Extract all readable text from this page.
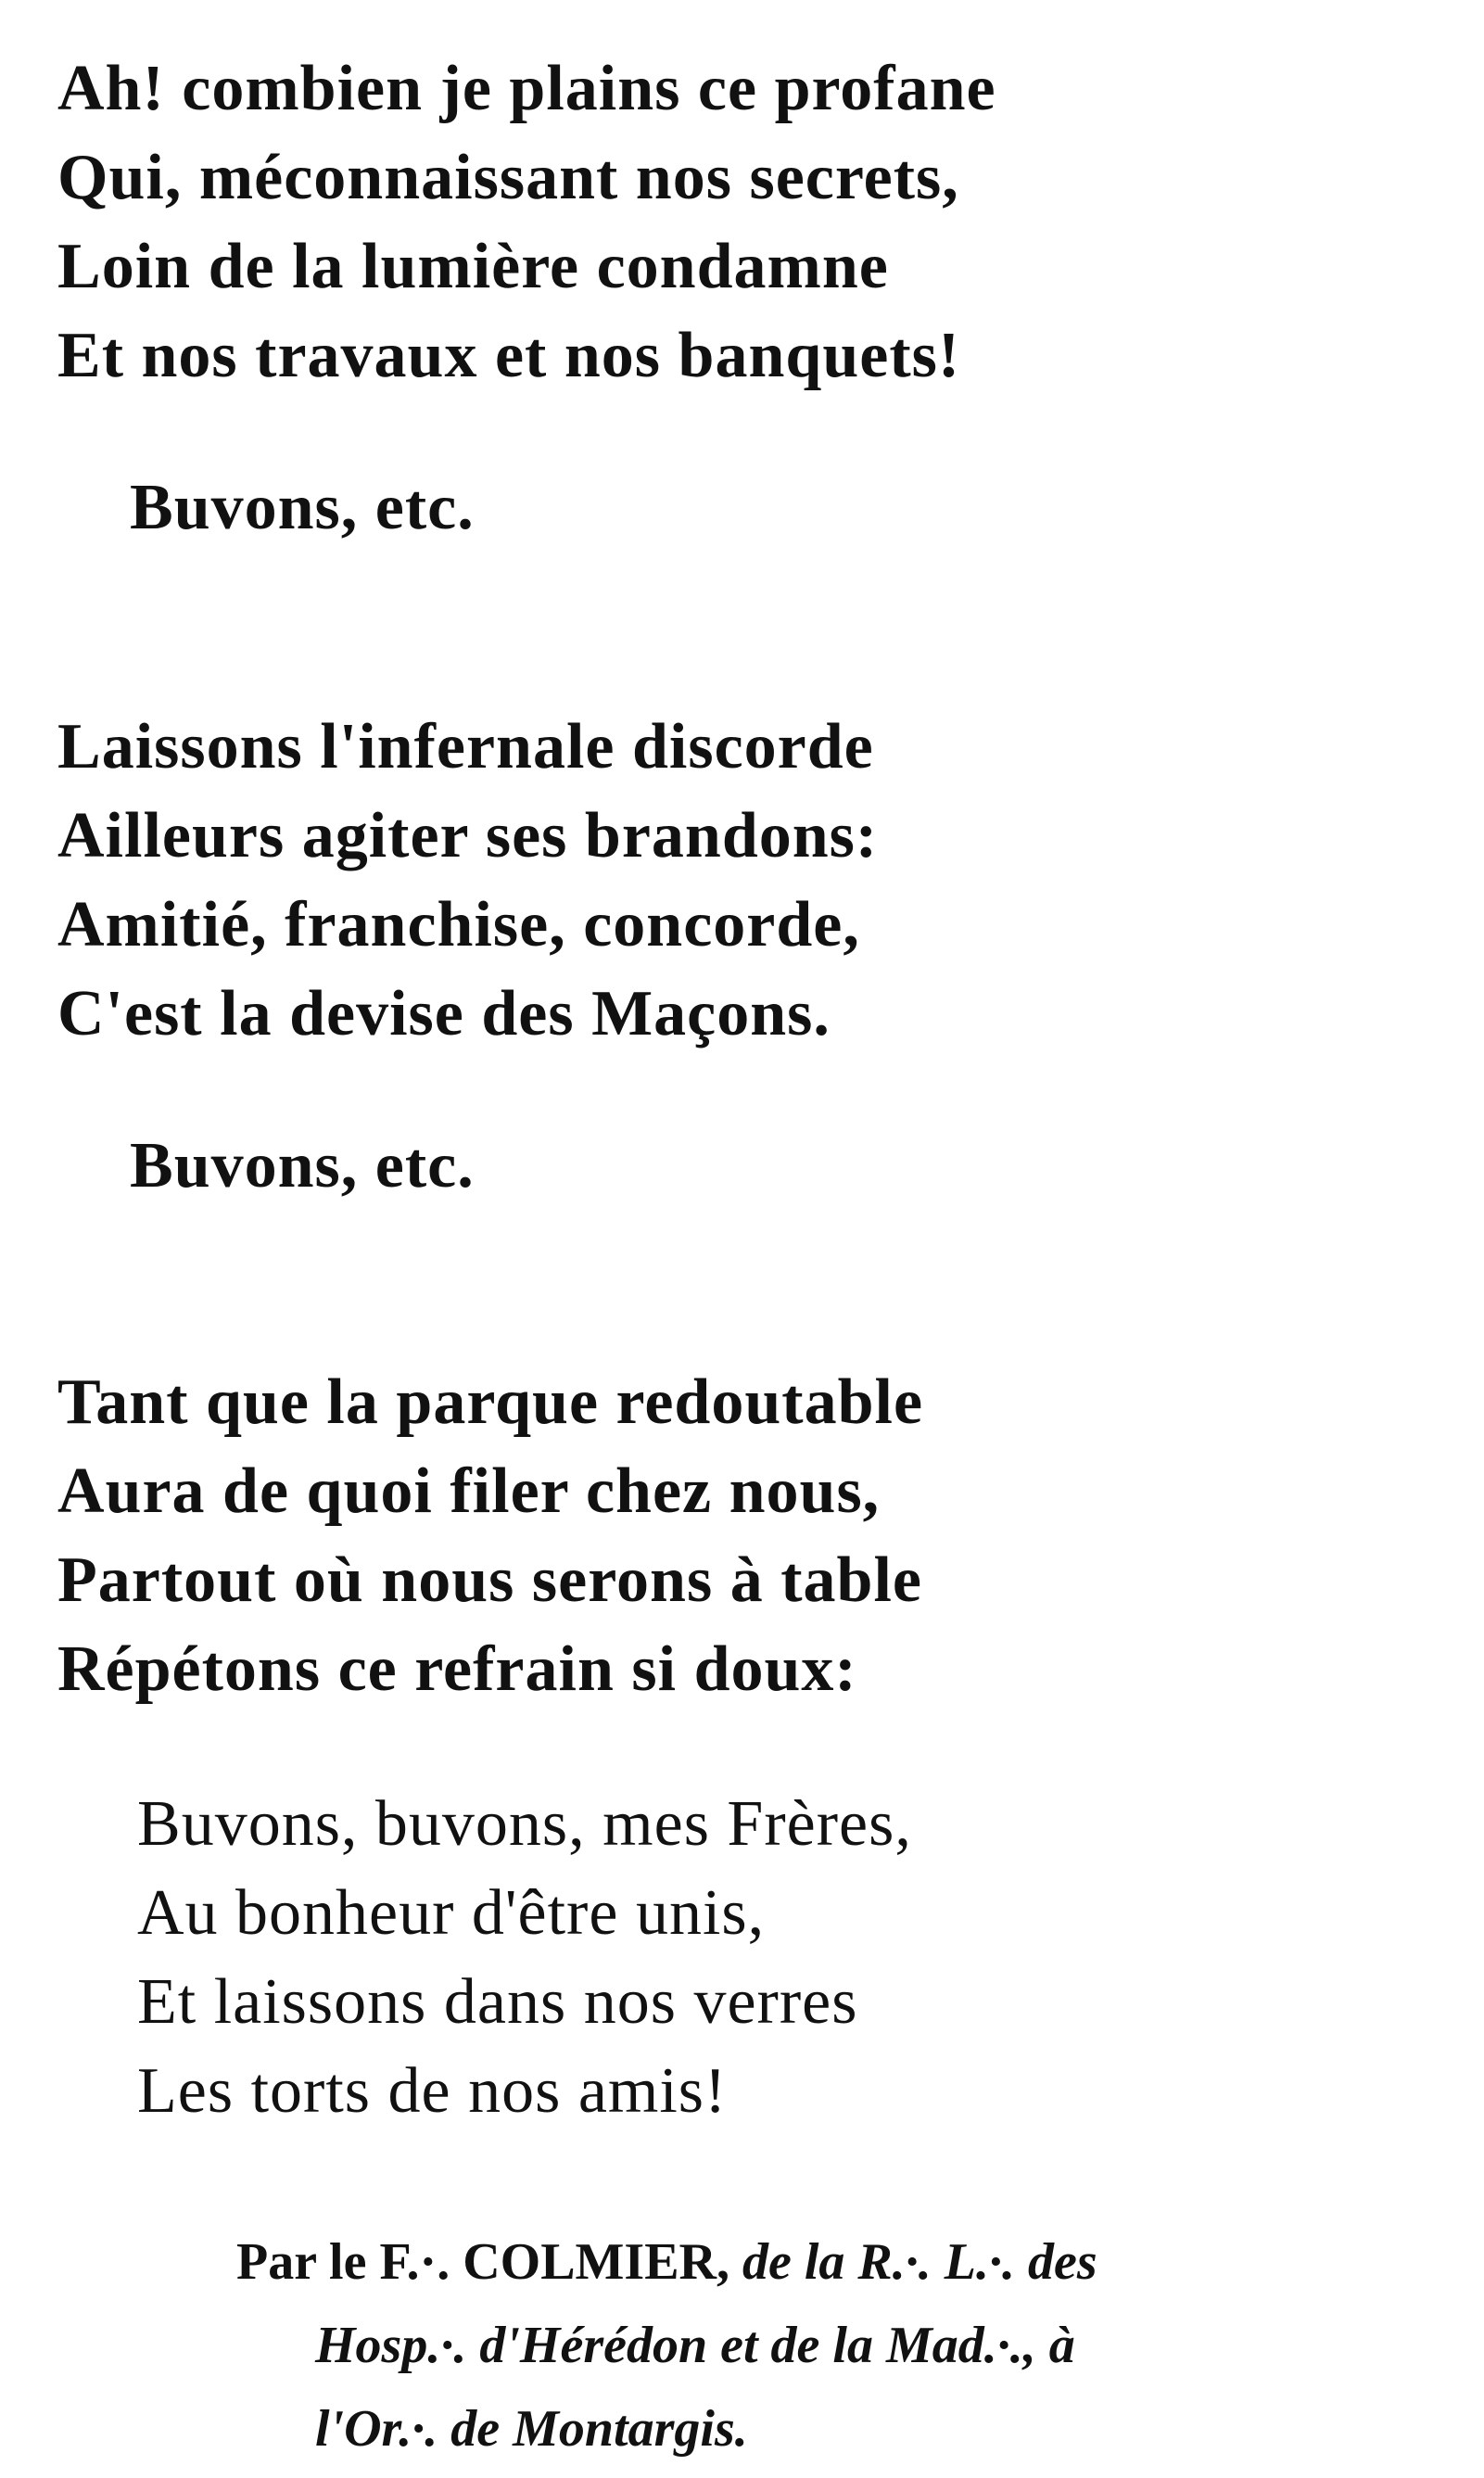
Ah! combien je plains ce profane
Qui, méconnaissant nos secrets,
Loin de la lumière condamne
Et nos travaux et nos banquets!
Buvons, etc.
Laissons l'infernale discorde
Ailleurs agiter ses brandons:
Amitié, franchise, concorde,
C'est la devise des Maçons.
Buvons, etc.
Tant que la parque redoutable
Aura de quoi filer chez nous,
Partout où nous serons à table
Répétons ce refrain si doux:
Buvons, buvons, mes Frères,
Au bonheur d'être unis,
Et laissons dans nos verres
Les torts de nos amis!
Par le F.·. COLMIER, de la R.·. L.·. des
Hosp.·. d'Hérédon et de la Mad.·., à
l'Or.·. de Montargis.
